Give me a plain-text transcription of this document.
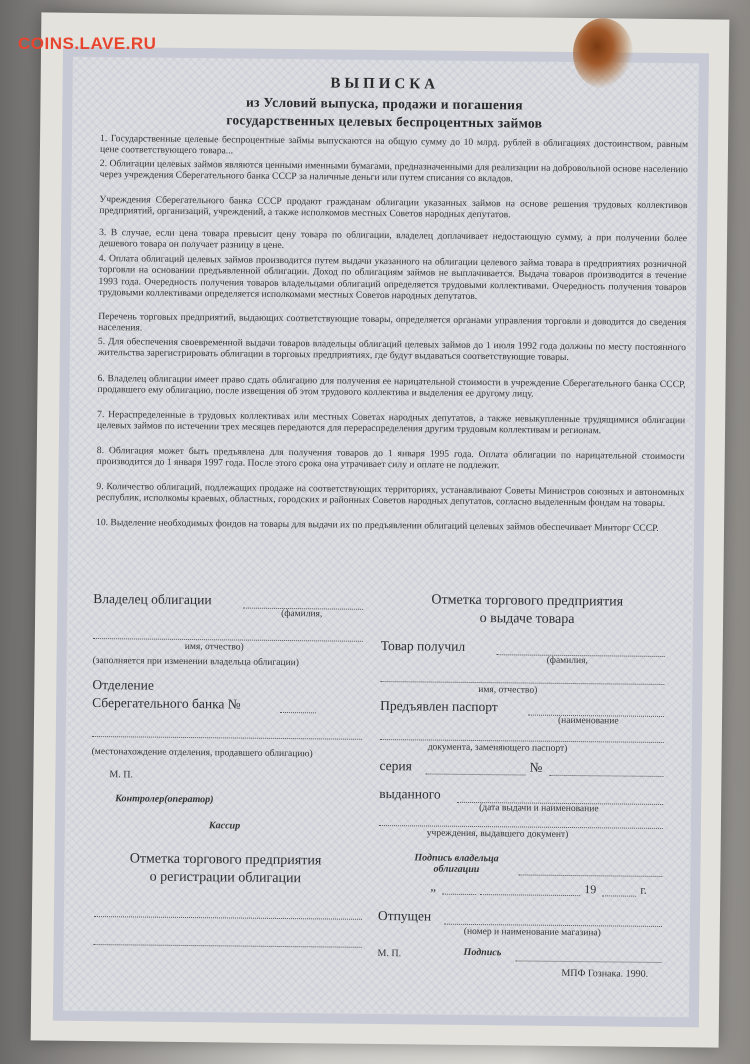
COINS.LAVE.RU
ВЫПИСКА
из Условий выпуска, продажи и погашения
государственных целевых беспроцентных займов
1. Государственные целевые беспроцентные займы выпускаются на общую сумму до 10 млрд. рублей в облигациях достоинством, равным цене соответствующего товара...
2. Облигации целевых займов являются ценными именными бумагами, предназначенными для реализации на добровольной основе населению через учреждения Сберегательного банка СССР за наличные деньги или путем списания со вкладов.
Учреждения Сберегательного банка СССР продают гражданам облигации указанных займов на основе решения трудовых коллективов предприятий, организаций, учреждений, а также исполкомов местных Советов народных депутатов.
3. В случае, если цена товара превысит цену товара по облигации, владелец доплачивает недостающую сумму, а при получении более дешевого товара он получает разницу в цене.
4. Оплата облигаций целевых займов производится путем выдачи указанного на облигации целевого займа товара в предприятиях розничной торговли на основании предъявленной облигации. Доход по облигациям займов не выплачивается. Выдача товаров производится в течение 1993 года. Очередность получения товаров владельцами облигаций определяется трудовыми коллективами. Очередность получения товаров трудовыми коллективами определяется исполкомами местных Советов народных депутатов.
Перечень торговых предприятий, выдающих соответствующие товары, определяется органами управления торговли и доводится до сведения населения.
5. Для обеспечения своевременной выдачи товаров владельцы облигаций целевых займов до 1 июля 1992 года должны по месту постоянного жительства зарегистрировать облигации в торговых предприятиях, где будут выдаваться соответствующие товары.
6. Владелец облигации имеет право сдать облигацию для получения ее нарицательной стоимости в учреждение Сберегательного банка СССР, продавшего ему облигацию, после извещения об этом трудового коллектива и выделения ее другому лицу.
7. Нераспределенные в трудовых коллективах или местных Советах народных депутатов, а также невыкупленные трудящимися облигации целевых займов по истечении трех месяцев передаются для перераспределения другим трудовым коллективам и регионам.
8. Облигация может быть предъявлена для получения товаров до 1 января 1995 года. Оплата облигации по нарицательной стоимости производится до 1 января 1997 года. После этого срока она утрачивает силу и оплате не подлежит.
9. Количество облигаций, подлежащих продаже на соответствующих территориях, устанавливают Советы Министров союзных и автономных республик, исполкомы краевых, областных, городских и районных Советов народных депутатов, согласно выделенным фондам на товары.
10. Выделение необходимых фондов на товары для выдачи их по предъявлении облигаций целевых займов обеспечивает Минторг СССР.
Владелец облигации
(фамилия,
имя, отчество)
(заполняется при изменении владельца облигации)
Отделение
Сберегательного банка №
(местонахождение отделения, продавшего облигацию)
М. П.
Контролер(оператор)
Кассир
Отметка торгового предприятия
о регистрации облигации
Отметка торгового предприятия
о выдаче товара
Товар получил
(фамилия,
имя, отчество)
Предъявлен паспорт
(наименование
документа, заменяющего паспорт)
серия	№
выданного
(дата выдачи и наименование
учреждения, выдавшего документ)
Подпись владельца облигации
„	19	г.
Отпущен
(номер и наименование магазина)
М. П.	Подпись
МПФ Гознака. 1990.
